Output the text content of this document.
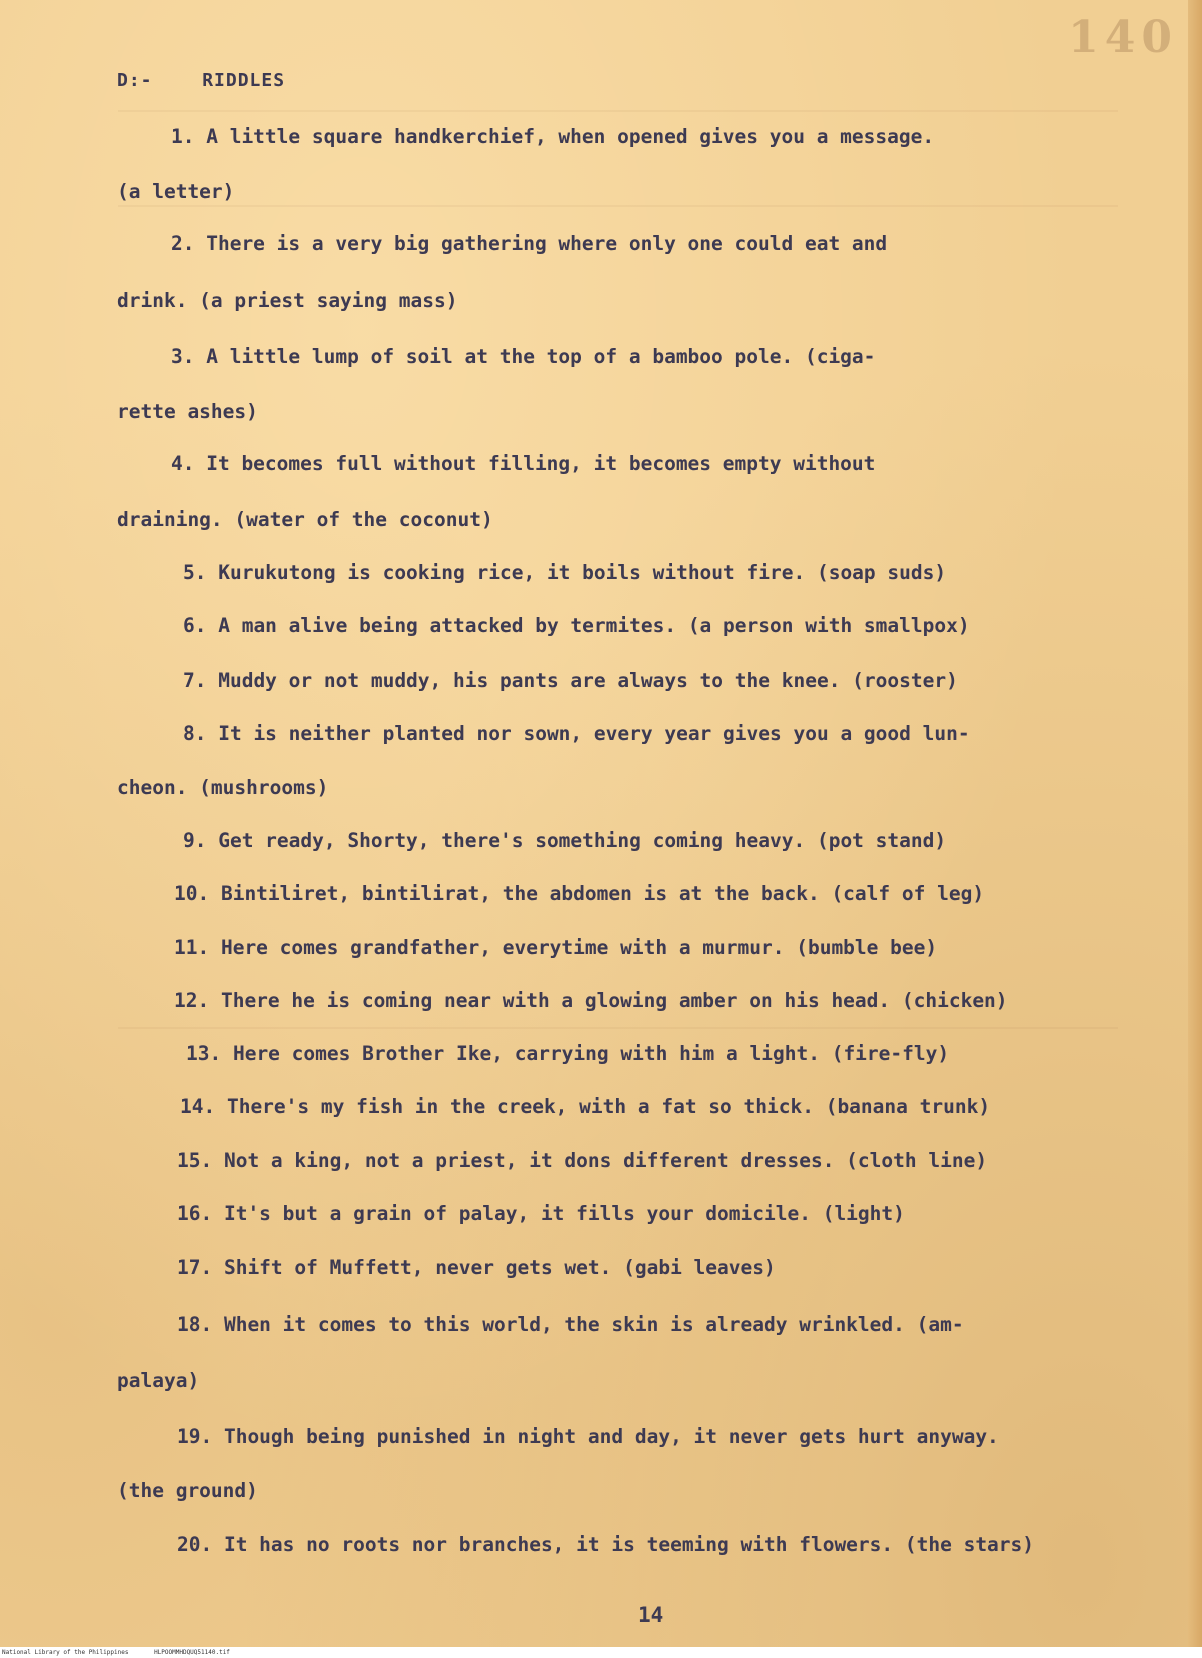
140
D:-	RIDDLES
1. A little square handkerchief, when opened gives you a message.
(a letter)
2. There is a very big gathering where only one could eat and
drink. (a priest saying mass)
3. A little lump of soil at the top of a bamboo pole. (ciga-
rette ashes)
4. It becomes full without filling, it becomes empty without
draining. (water of the coconut)
5. Kurukutong is cooking rice, it boils without fire. (soap suds)
6. A man alive being attacked by termites. (a person with smallpox)
7. Muddy or not muddy, his pants are always to the knee. (rooster)
8. It is neither planted nor sown, every year gives you a good lun-
cheon. (mushrooms)
9. Get ready, Shorty, there's something coming heavy. (pot stand)
10. Bintiliret, bintilirat, the abdomen is at the back. (calf of leg)
11. Here comes grandfather, everytime with a murmur. (bumble bee)
12. There he is coming near with a glowing amber on his head. (chicken)
13. Here comes Brother Ike, carrying with him a light. (fire-fly)
14. There's my fish in the creek, with a fat so thick. (banana trunk)
15. Not a king, not a priest, it dons different dresses. (cloth line)
16. It's but a grain of palay, it fills your domicile. (light)
17. Shift of Muffett, never gets wet. (gabi leaves)
18. When it comes to this world, the skin is already wrinkled. (am-
palaya)
19. Though being punished in night and day, it never gets hurt anyway.
(the ground)
20. It has no roots nor branches, it is teeming with flowers. (the stars)
14
National Library of the Philippines	HLPOOMMHDQUQ51140.tif
